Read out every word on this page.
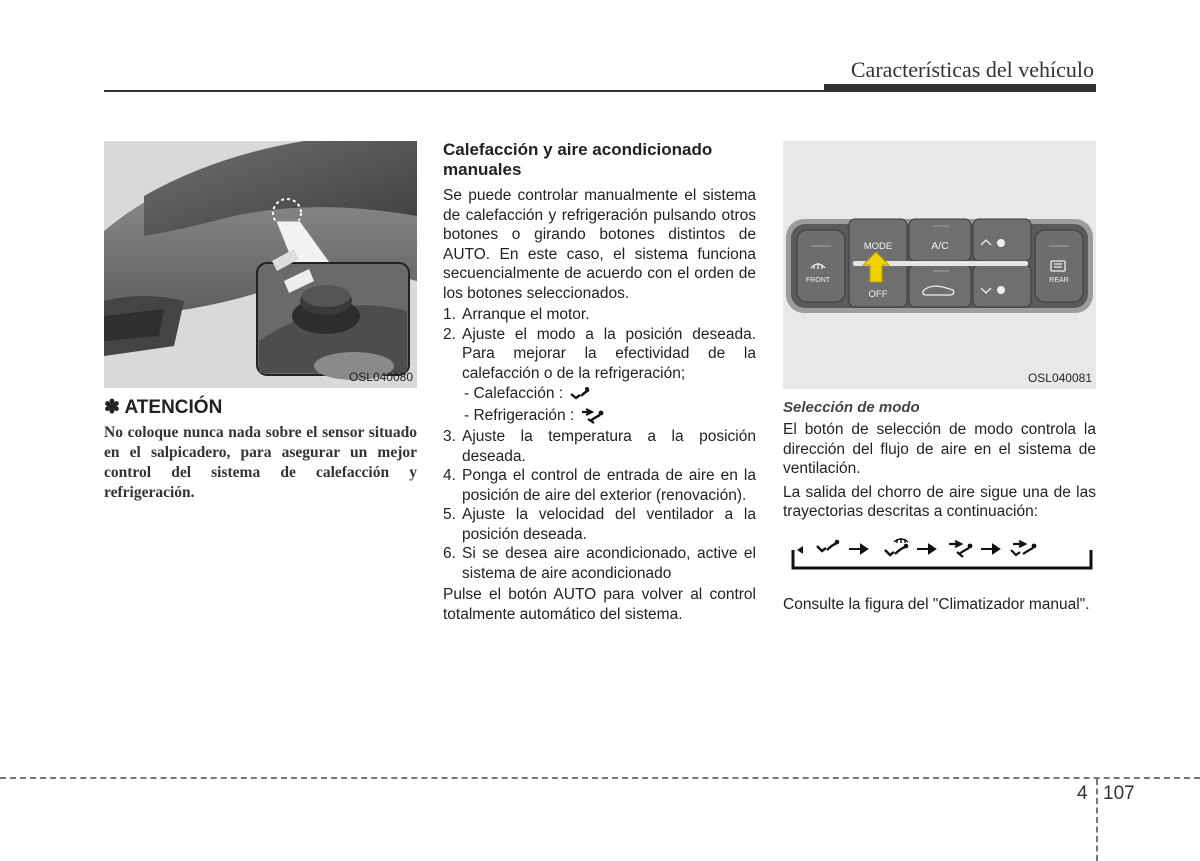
Características del vehículo
OSL040080
✽ ATENCIÓN
No coloque nunca nada sobre el sensor situado en el salpicadero, para asegurar un mejor control del sistema de calefacción y refrigeración.
Calefacción y aire acondicionado manuales

Se puede controlar manualmente el sistema de calefacción y refrigeración pulsando otros botones o girando botones distintos de AUTO. En este caso, el sistema funciona secuencialmente de acuerdo con el orden de los botones seleccionados.

1. Arranque el motor.
2. Ajuste el modo a la posición deseada. Para mejorar la efectividad de la calefacción o de la refrigeración;
- Calefacción :
- Refrigeración :
3. Ajuste la temperatura a la posición deseada.
4. Ponga el control de entrada de aire en la posición de aire del exterior (renovación).
5. Ajuste la velocidad del ventilador a la posición deseada.
6. Si se desea aire acondicionado, active el sistema de aire acondicionado

Pulse el botón AUTO para volver al control totalmente automático del sistema.

MODE	A/C
OFF
FRONT	REAR
OSL040081
Selección de modo

El botón de selección de modo controla la dirección del flujo de aire en el sistema de ventilación.

La salida del chorro de aire sigue una de las trayectorias descritas a continuación:

Consulte la figura del "Climatizador manual".

4 107
